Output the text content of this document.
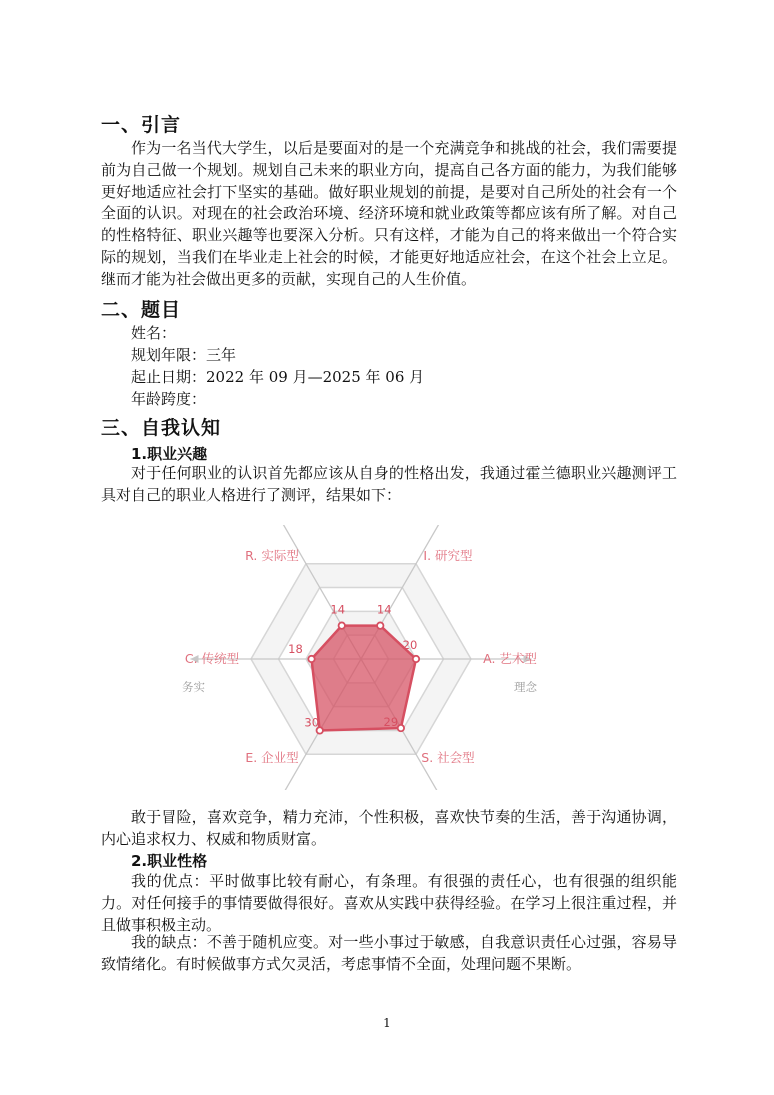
一、引言

作为一名当代大学生，以后是要面对的是一个充满竞争和挑战的社会，我们需要提前为自己做一个规划。规划自己未来的职业方向，提高自己各方面的能力，为我们能够更好地适应社会打下坚实的基础。做好职业规划的前提，是要对自己所处的社会有一个全面的认识。对现在的社会政治环境、经济环境和就业政策等都应该有所了解。对自己的性格特征、职业兴趣等也要深入分析。只有这样，才能为自己的将来做出一个符合实际的规划，当我们在毕业走上社会的时候，才能更好地适应社会，在这个社会上立足。继而才能为社会做出更多的贡献，实现自己的人生价值。

二、题目

姓名：

规划年限：三年

起止日期：2022 年 09 月—2025 年 06 月

年龄跨度：

三、自我认知
1.职业兴趣

对于任何职业的认识首先都应该从自身的性格出发，我通过霍兰德职业兴趣测评工具对自己的职业人格进行了测评，结果如下：

14	14
20
29
30
18
R. 实际型	I. 研究型
A. 艺术型
S. 社会型
E. 企业型
C. 传统型
务实	理念

敢于冒险，喜欢竞争，精力充沛，个性积极，喜欢快节奏的生活，善于沟通协调，内心追求权力、权威和物质财富。

2.职业性格

我的优点：平时做事比较有耐心，有条理。有很强的责任心，也有很强的组织能力。对任何接手的事情要做得很好。喜欢从实践中获得经验。在学习上很注重过程，并且做事积极主动。

我的缺点：不善于随机应变。对一些小事过于敏感，自我意识责任心过强，容易导致情绪化。有时候做事方式欠灵活，考虑事情不全面，处理问题不果断。

1
